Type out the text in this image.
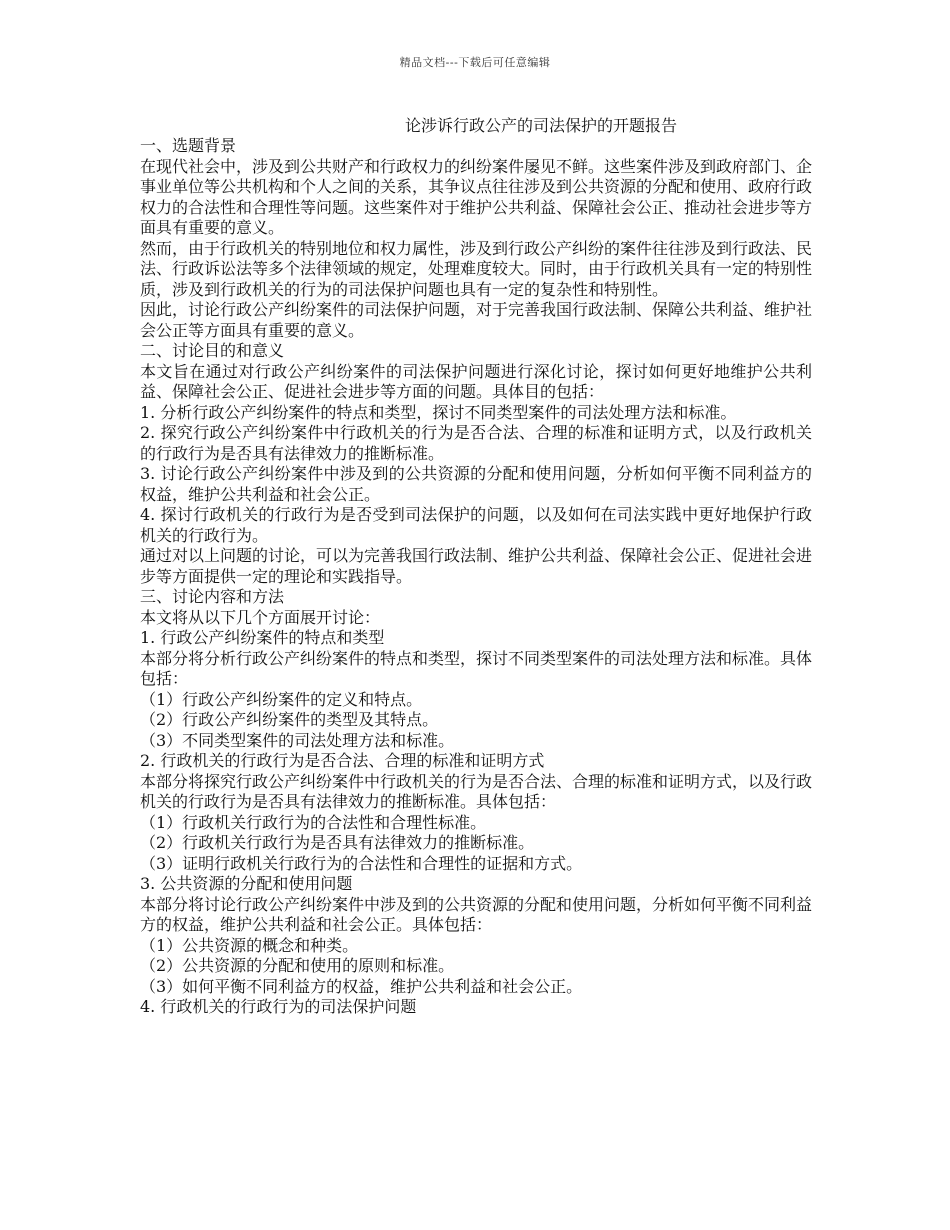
精品文档---下载后可任意编辑
论涉诉行政公产的司法保护的开题报告
一、选题背景
在现代社会中，涉及到公共财产和行政权力的纠纷案件屡见不鲜。这些案件涉及到政府部门、企事业单位等公共机构和个人之间的关系，其争议点往往涉及到公共资源的分配和使用、政府行政权力的合法性和合理性等问题。这些案件对于维护公共利益、保障社会公正、推动社会进步等方面具有重要的意义。
然而，由于行政机关的特别地位和权力属性，涉及到行政公产纠纷的案件往往涉及到行政法、民法、行政诉讼法等多个法律领域的规定，处理难度较大。同时，由于行政机关具有一定的特别性质，涉及到行政机关的行为的司法保护问题也具有一定的复杂性和特别性。
因此，讨论行政公产纠纷案件的司法保护问题，对于完善我国行政法制、保障公共利益、维护社会公正等方面具有重要的意义。
二、讨论目的和意义
本文旨在通过对行政公产纠纷案件的司法保护问题进行深化讨论，探讨如何更好地维护公共利益、保障社会公正、促进社会进步等方面的问题。具体目的包括：
1. 分析行政公产纠纷案件的特点和类型，探讨不同类型案件的司法处理方法和标准。
2. 探究行政公产纠纷案件中行政机关的行为是否合法、合理的标准和证明方式，以及行政机关的行政行为是否具有法律效力的推断标准。
3. 讨论行政公产纠纷案件中涉及到的公共资源的分配和使用问题，分析如何平衡不同利益方的权益，维护公共利益和社会公正。
4. 探讨行政机关的行政行为是否受到司法保护的问题，以及如何在司法实践中更好地保护行政机关的行政行为。
通过对以上问题的讨论，可以为完善我国行政法制、维护公共利益、保障社会公正、促进社会进步等方面提供一定的理论和实践指导。
三、讨论内容和方法
本文将从以下几个方面展开讨论：
1. 行政公产纠纷案件的特点和类型
本部分将分析行政公产纠纷案件的特点和类型，探讨不同类型案件的司法处理方法和标准。具体包括：
（1）行政公产纠纷案件的定义和特点。
（2）行政公产纠纷案件的类型及其特点。
（3）不同类型案件的司法处理方法和标准。
2. 行政机关的行政行为是否合法、合理的标准和证明方式
本部分将探究行政公产纠纷案件中行政机关的行为是否合法、合理的标准和证明方式，以及行政机关的行政行为是否具有法律效力的推断标准。具体包括：
（1）行政机关行政行为的合法性和合理性标准。
（2）行政机关行政行为是否具有法律效力的推断标准。
（3）证明行政机关行政行为的合法性和合理性的证据和方式。
3. 公共资源的分配和使用问题
本部分将讨论行政公产纠纷案件中涉及到的公共资源的分配和使用问题，分析如何平衡不同利益方的权益，维护公共利益和社会公正。具体包括：
（1）公共资源的概念和种类。
（2）公共资源的分配和使用的原则和标准。
（3）如何平衡不同利益方的权益，维护公共利益和社会公正。
4. 行政机关的行政行为的司法保护问题
